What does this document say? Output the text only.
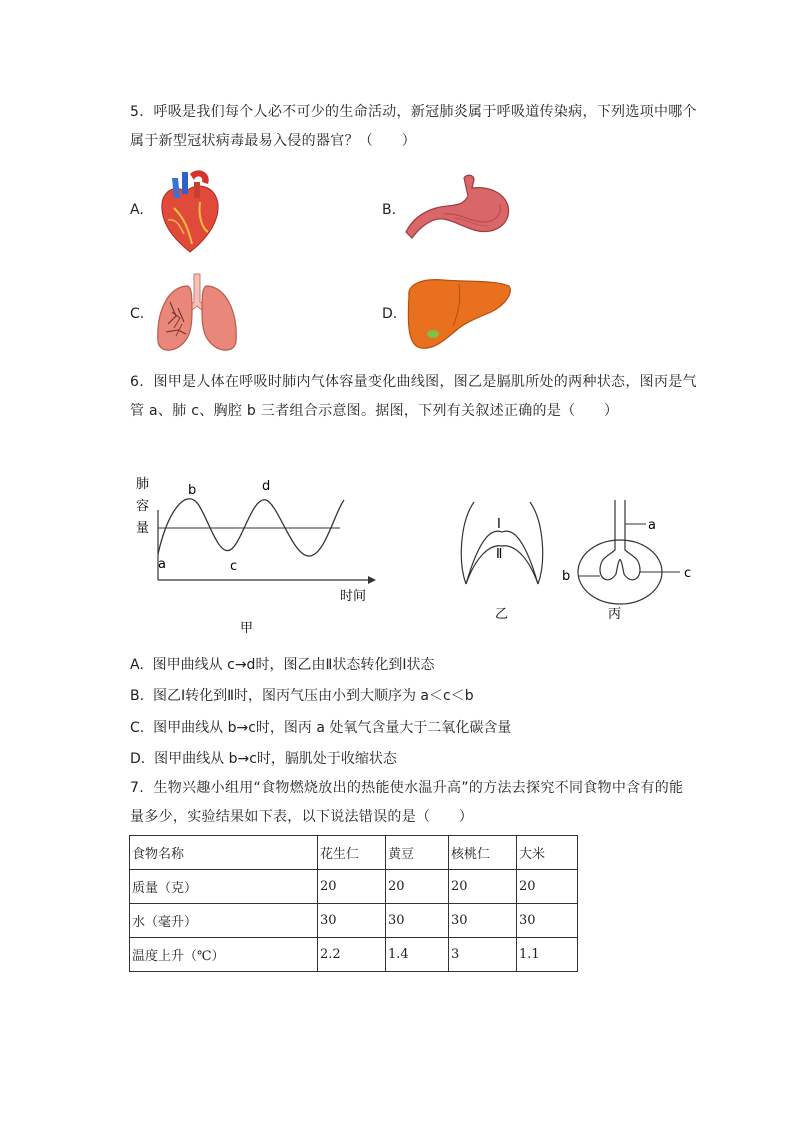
5.  呼吸是我们每个人必不可少的生命活动，新冠肺炎属于呼吸道传染病，下列选项中哪个
属于新型冠状病毒最易入侵的器官？（　　）
A.	B.
C.	D.
6.  图甲是人体在呼吸时肺内气体容量变化曲线图，图乙是膈肌所处的两种状态，图丙是气
管 a、肺 c、胸腔 b 三者组合示意图。据图，下列有关叙述正确的是（　　）
肺
容
量
a
b
c
d
时间
甲
Ⅰ
Ⅱ
乙
a
b	c
丙
A.  图甲曲线从 c→d时，图乙由Ⅱ状态转化到Ⅰ状态
B.  图乙Ⅰ转化到Ⅱ时，图丙气压由小到大顺序为 a＜c＜b
C.  图甲曲线从 b→c时，图丙 a 处氧气含量大于二氧化碳含量
D.  图甲曲线从 b→c时，膈肌处于收缩状态
7.  生物兴趣小组用“食物燃烧放出的热能使水温升高”的方法去探究不同食物中含有的能
量多少，实验结果如下表，以下说法错误的是（　　）
食物名称	花生仁	黄豆	核桃仁	大米
质量（克）	20	20	20	20
水（毫升）	30	30	30	30
温度上升（℃）	2.2	1.4	3	1.1
